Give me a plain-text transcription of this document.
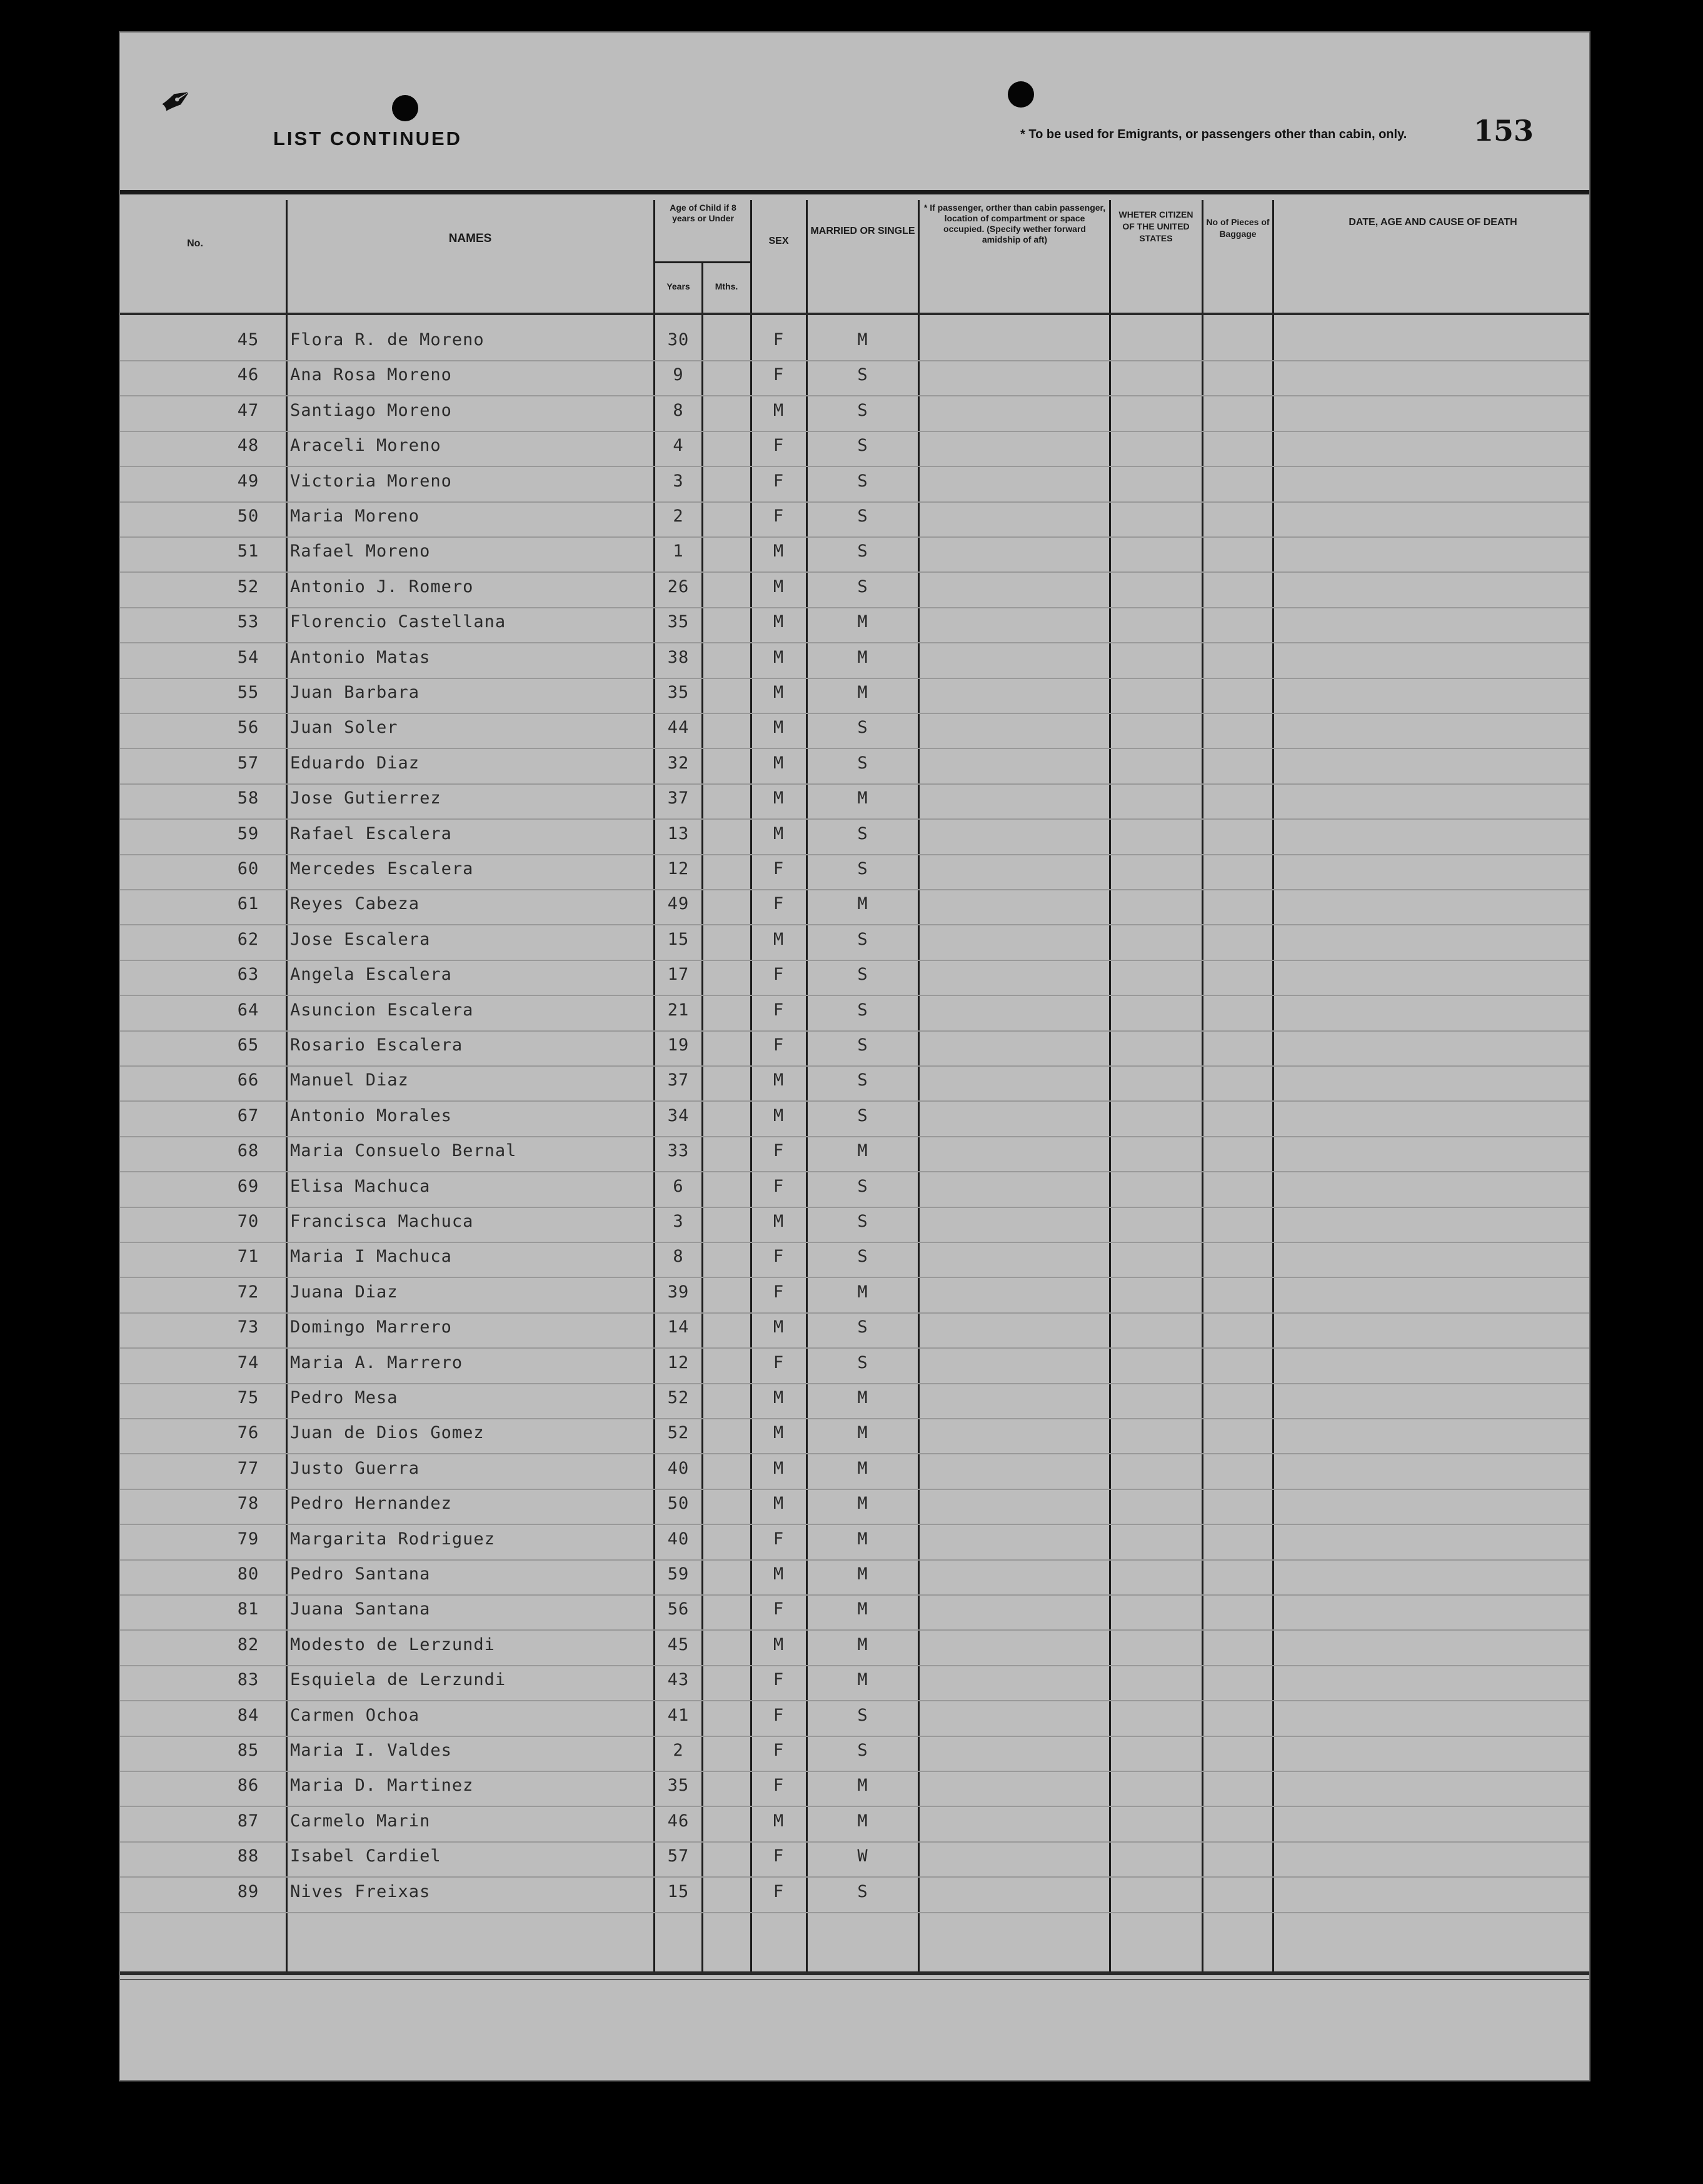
✒
LIST CONTINUED	* To be used for Emigrants, or passengers other than cabin, only. 153
No.	NAMES
Age of Child if 8 years or Under
Years	Mths.
SEX
MARRIED OR SINGLE
* If passenger, orther than cabin passenger, location of compartment or space occupied. (Specify wether forward amidship of aft)
WHETER CITIZEN OF THE UNITED STATES
No of Pieces of Baggage
DATE, AGE AND CAUSE OF DEATH
45	Flora R. de Moreno	30	F	M
46	Ana Rosa Moreno	9	F	S
47	Santiago Moreno	8	M	S
48	Araceli Moreno	4	F	S
49	Victoria Moreno	3	F	S
50	Maria Moreno	2	F	S
51	Rafael Moreno	1	M	S
52	Antonio J. Romero	26	M	S
53	Florencio Castellana	35	M	M
54	Antonio Matas	38	M	M
55	Juan Barbara	35	M	M
56	Juan Soler	44	M	S
57	Eduardo Diaz	32	M	S
58	Jose Gutierrez	37	M	M
59	Rafael Escalera	13	M	S
60	Mercedes Escalera	12	F	S
61	Reyes Cabeza	49	F	M
62	Jose Escalera	15	M	S
63	Angela Escalera	17	F	S
64	Asuncion Escalera	21	F	S
65	Rosario Escalera	19	F	S
66	Manuel Diaz	37	M	S
67	Antonio Morales	34	M	S
68	Maria Consuelo Bernal	33	F	M
69	Elisa Machuca	6	F	S
70	Francisca Machuca	3	M	S
71	Maria I Machuca	8	F	S
72	Juana Diaz	39	F	M
73	Domingo Marrero	14	M	S
74	Maria A. Marrero	12	F	S
75	Pedro Mesa	52	M	M
76	Juan de Dios Gomez	52	M	M
77	Justo Guerra	40	M	M
78	Pedro Hernandez	50	M	M
79	Margarita Rodriguez	40	F	M
80	Pedro Santana	59	M	M
81	Juana Santana	56	F	M
82	Modesto de Lerzundi	45	M	M
83	Esquiela de Lerzundi	43	F	M
84	Carmen Ochoa	41	F	S
85	Maria I. Valdes	2	F	S
86	Maria D. Martinez	35	F	M
87	Carmelo Marin	46	M	M
88	Isabel Cardiel	57	F	W
89	Nives Freixas	15	F	S
